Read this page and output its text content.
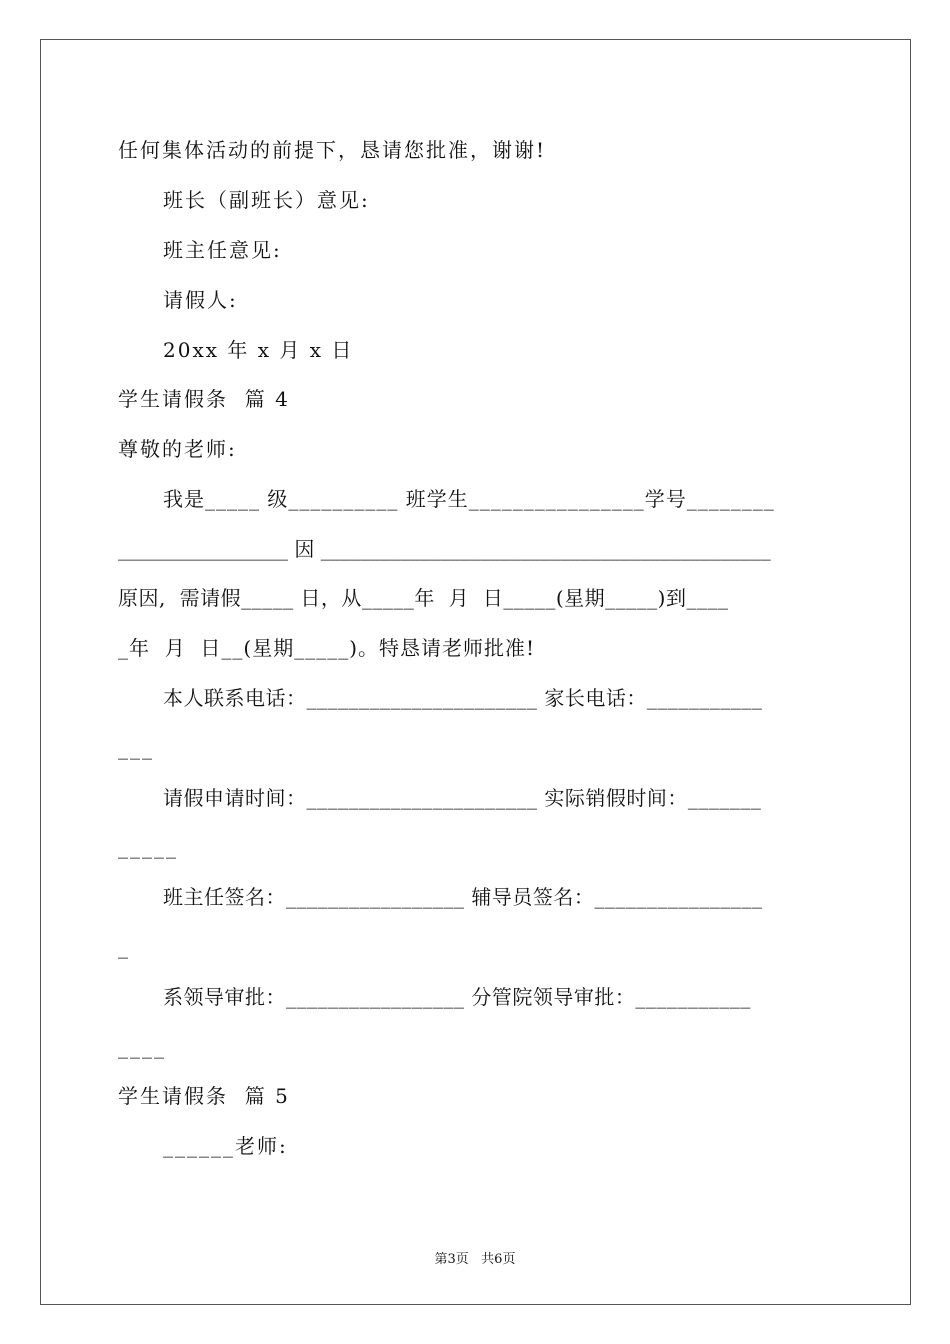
任何集体活动的前提下，恳请您批准，谢谢!
班长（副班长）意见:
班主任意见:
请假人:
20xx 年 x 月 x 日
学生请假条  篇 4
尊敬的老师:
我是_____ 级__________ 班学生________________学号________
_________________ 因 _____________________________________________
原因,  需请假_____ 日，从_____年  月  日_____(星期_____)到____
_年  月  日__(星期_____)。特恳请老师批准!
本人联系电话：______________________ 家长电话：___________
___
请假申请时间：______________________ 实际销假时间：_______
_____
班主任签名：_________________ 辅导员签名：________________
_
系领导审批：_________________ 分管院领导审批：___________
____
学生请假条  篇 5
______老师:
第3页   共6页
